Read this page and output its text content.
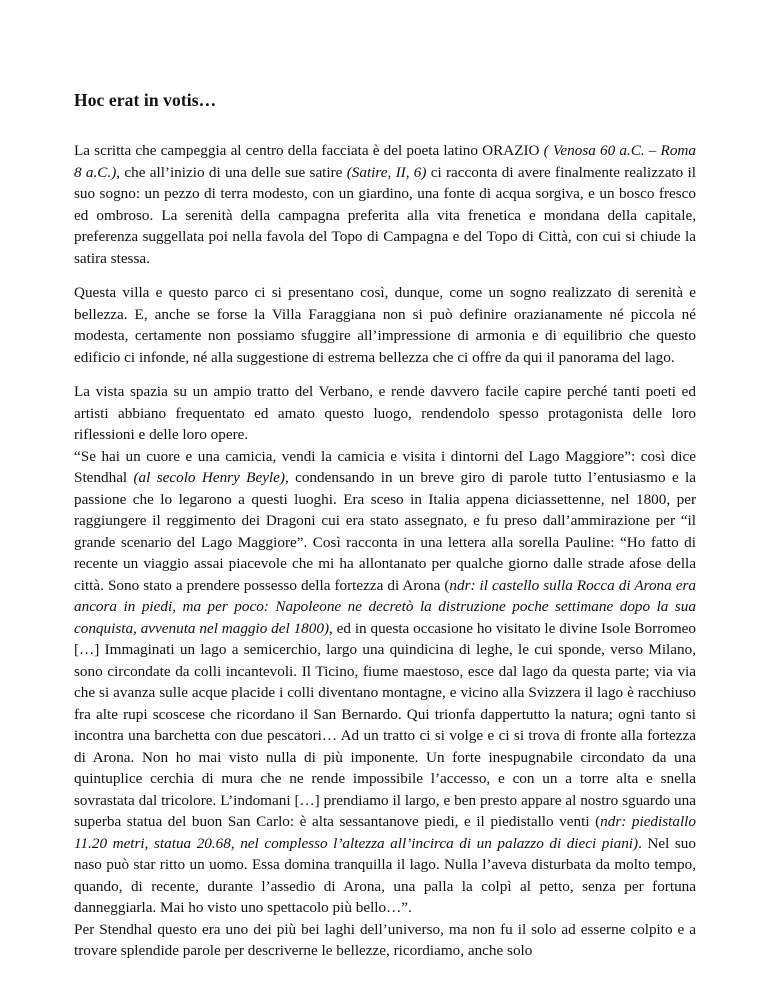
Hoc erat in votis…

La scritta che campeggia al centro della facciata è del poeta latino ORAZIO ( Venosa 60 a.C. – Roma 8 a.C.), che all’inizio di una delle sue satire (Satire, II, 6) ci racconta di avere finalmente realizzato il suo sogno: un pezzo di terra modesto, con un giardino, una fonte di acqua sorgiva, e un bosco fresco ed ombroso. La serenità della campagna preferita alla vita frenetica e mondana della capitale, preferenza suggellata poi nella favola del Topo di Campagna e del Topo di Città, con cui si chiude la satira stessa.

Questa villa e questo parco ci si presentano così, dunque, come un sogno realizzato di serenità e bellezza. E, anche se forse la Villa Faraggiana non si può definire orazianamente né piccola né modesta, certamente non possiamo sfuggire all’impressione di armonia e di equilibrio che questo edificio ci infonde, né alla suggestione di estrema bellezza che ci offre da qui il panorama del lago.

La vista spazia su un ampio tratto del Verbano, e rende davvero facile capire perché tanti poeti ed artisti abbiano frequentato ed amato questo luogo, rendendolo spesso protagonista delle loro riflessioni e delle loro opere.

“Se hai un cuore e una camicia, vendi la camicia e visita i dintorni del Lago Maggiore”: così dice Stendhal (al secolo Henry Beyle), condensando in un breve giro di parole tutto l’entusiasmo e la passione che lo legarono a questi luoghi. Era sceso in Italia appena diciassettenne, nel 1800, per raggiungere il reggimento dei Dragoni cui era stato assegnato, e fu preso dall’ammirazione per “il grande scenario del Lago Maggiore”. Così racconta in una lettera alla sorella Pauline: “Ho fatto di recente un viaggio assai piacevole che mi ha allontanato per qualche giorno dalle strade afose della città. Sono stato a prendere possesso della fortezza di Arona (ndr: il castello sulla Rocca di Arona era ancora in piedi, ma per poco: Napoleone ne decretò la distruzione poche settimane dopo la sua conquista, avvenuta nel maggio del 1800), ed in questa occasione ho visitato le divine Isole Borromeo […] Immaginati un lago a semicerchio, largo una quindicina di leghe, le cui sponde, verso Milano, sono circondate da colli incantevoli. Il Ticino, fiume maestoso, esce dal lago da questa parte; via via che si avanza sulle acque placide i colli diventano montagne, e vicino alla Svizzera il lago è racchiuso fra alte rupi scoscese che ricordano il San Bernardo. Qui trionfa dappertutto la natura; ogni tanto si incontra una barchetta con due pescatori… Ad un tratto ci si volge e ci si trova di fronte alla fortezza di Arona. Non ho mai visto nulla di più imponente. Un forte inespugnabile circondato da una quintuplice cerchia di mura che ne rende impossibile l’accesso, e con un a torre alta e snella sovrastata dal tricolore. L’indomani […] prendiamo il largo, e ben presto appare al nostro sguardo una superba statua del buon San Carlo: è alta sessantanove piedi, e il piedistallo venti (ndr: piedistallo 11.20 metri, statua 20.68, nel complesso l’altezza all’incirca di un palazzo di dieci piani). Nel suo naso può star ritto un uomo. Essa domina tranquilla il lago. Nulla l’aveva disturbata da molto tempo, quando, di recente, durante l’assedio di Arona, una palla la colpì al petto, senza per fortuna danneggiarla. Mai ho visto uno spettacolo più bello…”.

Per Stendhal questo era uno dei più bei laghi dell’universo, ma non fu il solo ad esserne colpito e a trovare splendide parole per descriverne le bellezze, ricordiamo, anche solo
